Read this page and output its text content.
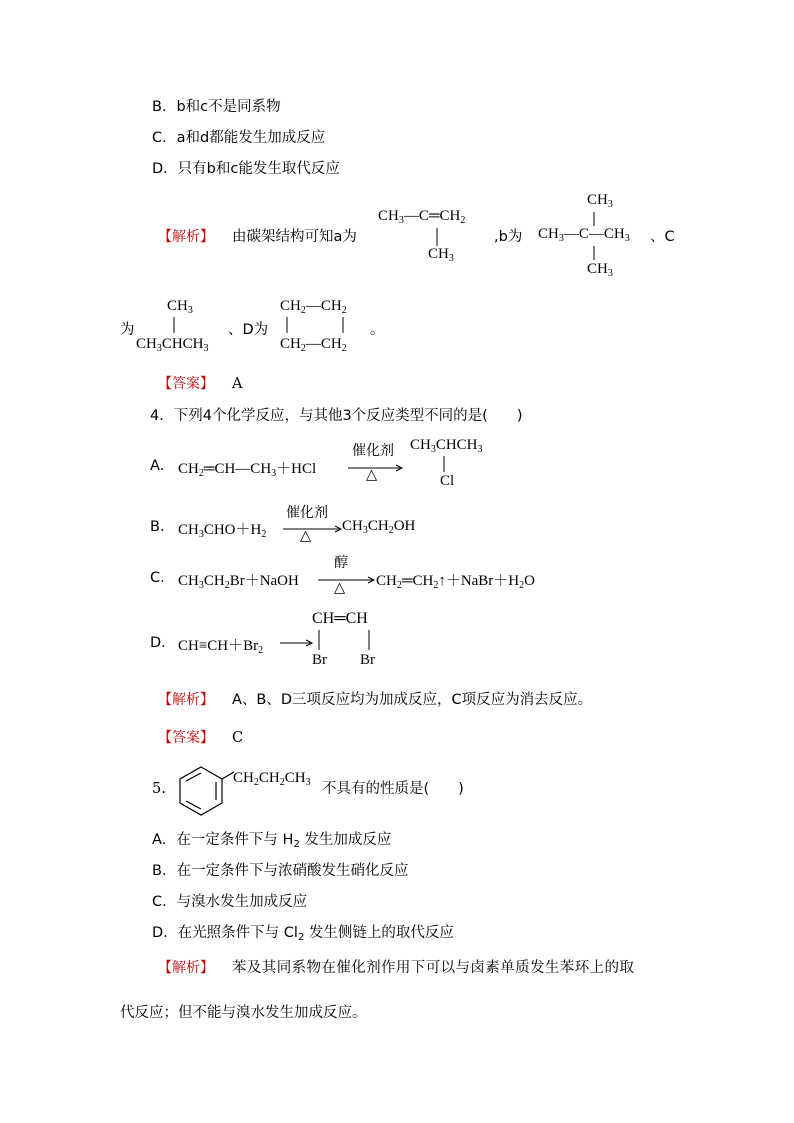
B．b和c不是同系物
C．a和d都能发生加成反应
D．只有b和c能发生取代反应
【解析】 由碳架结构可知a为
$CH_3—C═CH_2$
$CH_3$
,b为
$CH_3$
$CH_3—C—CH_3$
$CH_3$
、C
为
$CH_3$
$CH_3CHCH_3$
、D为
$CH_2—CH_2$
$CH_2—CH_2$
。
【答案】 A
4．下列4个化学反应，与其他3个反应类型不同的是(　　)
A． $CH_2═CH—CH_3+HCl$
催化剂
△
$CH_3CHCH_3$
Cl
B． $CH_3CHO+H_2$
催化剂
△
$CH_3CH_2OH$
C． $CH_3CH_2Br+NaOH$
醇
△ $CH_2═CH_2↑+NaBr+H_2O$
D． $CH\equiv CH+Br_2$
CH═CH
Br Br
【解析】 A、B、D三项反应均为加成反应，C项反应为消去反应。
【答案】 C
5.
$CH_2CH_2CH_3$ 不具有的性质是(　　)
A．在一定条件下与 $H_2$ 发生加成反应
B．在一定条件下与浓硝酸发生硝化反应
C．与溴水发生加成反应
D．在光照条件下与 $Cl_2$ 发生侧链上的取代反应
【解析】 苯及其同系物在催化剂作用下可以与卤素单质发生苯环上的取
代反应；但不能与溴水发生加成反应。
